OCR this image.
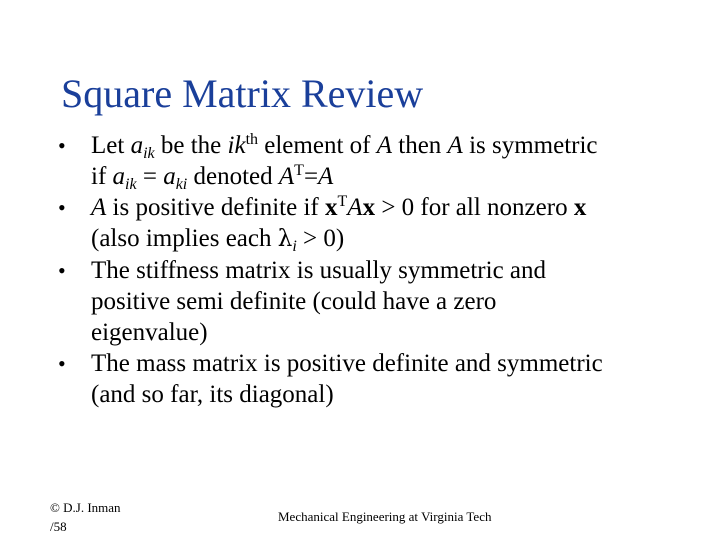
Square Matrix Review
• Let $a_{ik}$ be the $ik^{th}$ element of A then A is symmetric
if $a_{ik} = a_{ki}$ denoted $A^T=A$
• A is positive definite if $x^TAx > 0$ for all nonzero x
(also implies each $\lambda_i > 0$)
• The stiffness matrix is usually symmetric and
positive semi definite (could have a zero
eigenvalue)
• The mass matrix is positive definite and symmetric
(and so far, its diagonal)
© D.J. Inman
/58
Mechanical Engineering at Virginia Tech
